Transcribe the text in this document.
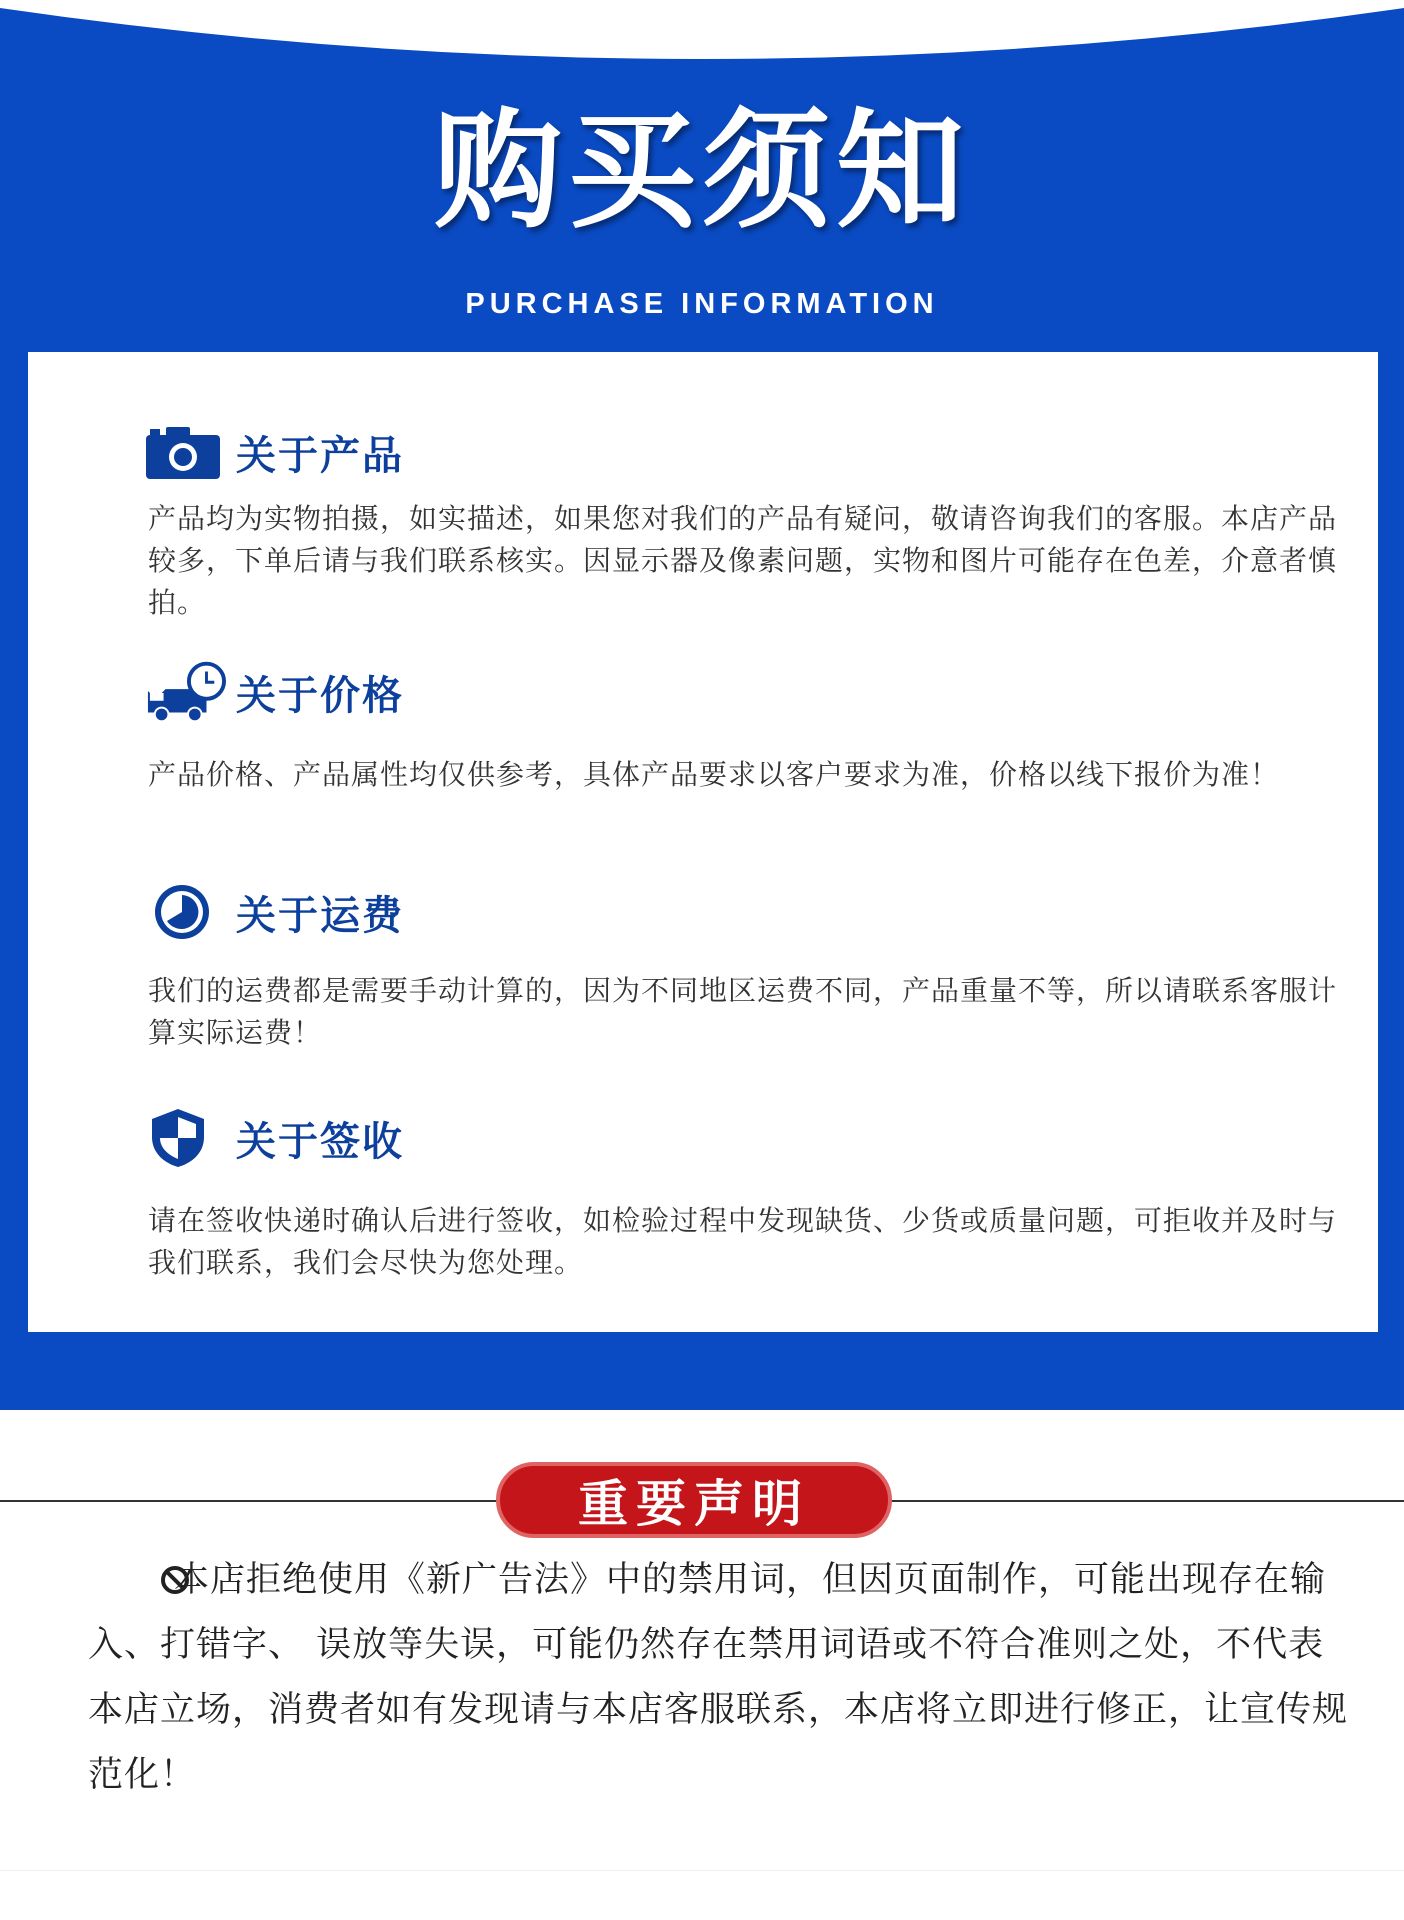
购买须知
PURCHASE INFORMATION
关于产品
产品均为实物拍摄，如实描述，如果您对我们的产品有疑问，敬请咨询我们的客服。本店产品较多，下单后请与我们联系核实。因显示器及像素问题，实物和图片可能存在色差，介意者慎拍。
关于价格
产品价格、产品属性均仅供参考，具体产品要求以客户要求为准，价格以线下报价为准！
关于运费
我们的运费都是需要手动计算的，因为不同地区运费不同，产品重量不等，所以请联系客服计算实际运费！
关于签收
请在签收快递时确认后进行签收，如检验过程中发现缺货、少货或质量问题，可拒收并及时与我们联系，我们会尽快为您处理。
重要声明
本店拒绝使用《新广告法》中的禁用词，但因页面制作，可能出现存在输入、打错字、 误放等失误，可能仍然存在禁用词语或不符合准则之处，不代表本店立场，消费者如有发现请与本店客服联系，本店将立即进行修正，让宣传规范化！
